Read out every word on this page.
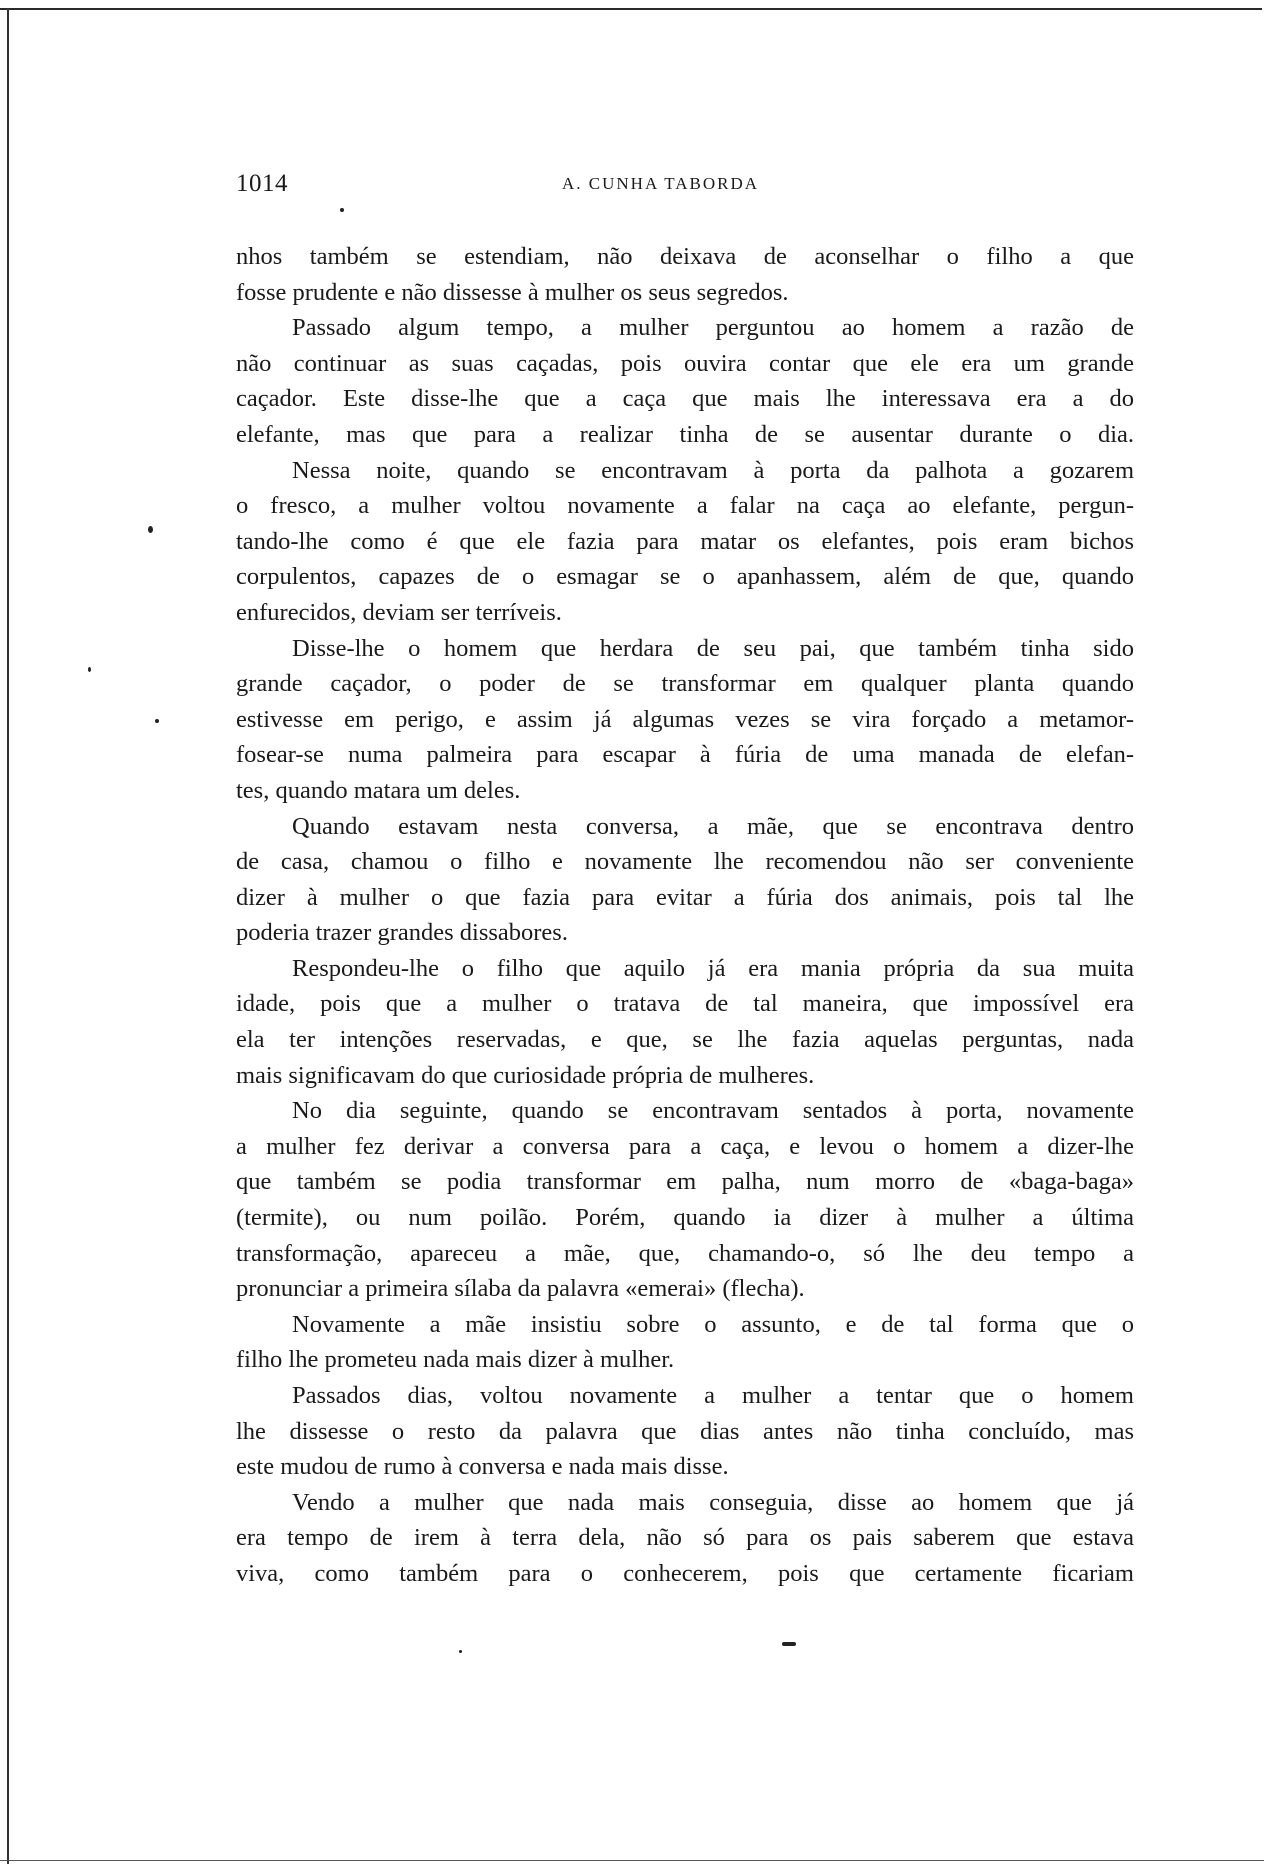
1014	A. CUNHA TABORDA
nhos também se estendiam, não deixava de aconselhar o filho a que
fosse prudente e não dissesse à mulher os seus segredos.
Passado algum tempo, a mulher perguntou ao homem a razão de
não continuar as suas caçadas, pois ouvira contar que ele era um grande
caçador. Este disse-lhe que a caça que mais lhe interessava era a do
elefante, mas que para a realizar tinha de se ausentar durante o dia.
Nessa noite, quando se encontravam à porta da palhota a gozarem
o fresco, a mulher voltou novamente a falar na caça ao elefante, pergun-
tando-lhe como é que ele fazia para matar os elefantes, pois eram bichos
corpulentos, capazes de o esmagar se o apanhassem, além de que, quando
enfurecidos, deviam ser terríveis.
Disse-lhe o homem que herdara de seu pai, que também tinha sido
grande caçador, o poder de se transformar em qualquer planta quando
estivesse em perigo, e assim já algumas vezes se vira forçado a metamor-
fosear-se numa palmeira para escapar à fúria de uma manada de elefan-
tes, quando matara um deles.
Quando estavam nesta conversa, a mãe, que se encontrava dentro
de casa, chamou o filho e novamente lhe recomendou não ser conveniente
dizer à mulher o que fazia para evitar a fúria dos animais, pois tal lhe
poderia trazer grandes dissabores.
Respondeu-lhe o filho que aquilo já era mania própria da sua muita
idade, pois que a mulher o tratava de tal maneira, que impossível era
ela ter intenções reservadas, e que, se lhe fazia aquelas perguntas, nada
mais significavam do que curiosidade própria de mulheres.
No dia seguinte, quando se encontravam sentados à porta, novamente
a mulher fez derivar a conversa para a caça, e levou o homem a dizer-lhe
que também se podia transformar em palha, num morro de «baga-baga»
(termite), ou num poilão. Porém, quando ia dizer à mulher a última
transformação, apareceu a mãe, que, chamando-o, só lhe deu tempo a
pronunciar a primeira sílaba da palavra «emerai» (flecha).
Novamente a mãe insistiu sobre o assunto, e de tal forma que o
filho lhe prometeu nada mais dizer à mulher.
Passados dias, voltou novamente a mulher a tentar que o homem
lhe dissesse o resto da palavra que dias antes não tinha concluído, mas
este mudou de rumo à conversa e nada mais disse.
Vendo a mulher que nada mais conseguia, disse ao homem que já
era tempo de irem à terra dela, não só para os pais saberem que estava
viva, como também para o conhecerem, pois que certamente ficariam
